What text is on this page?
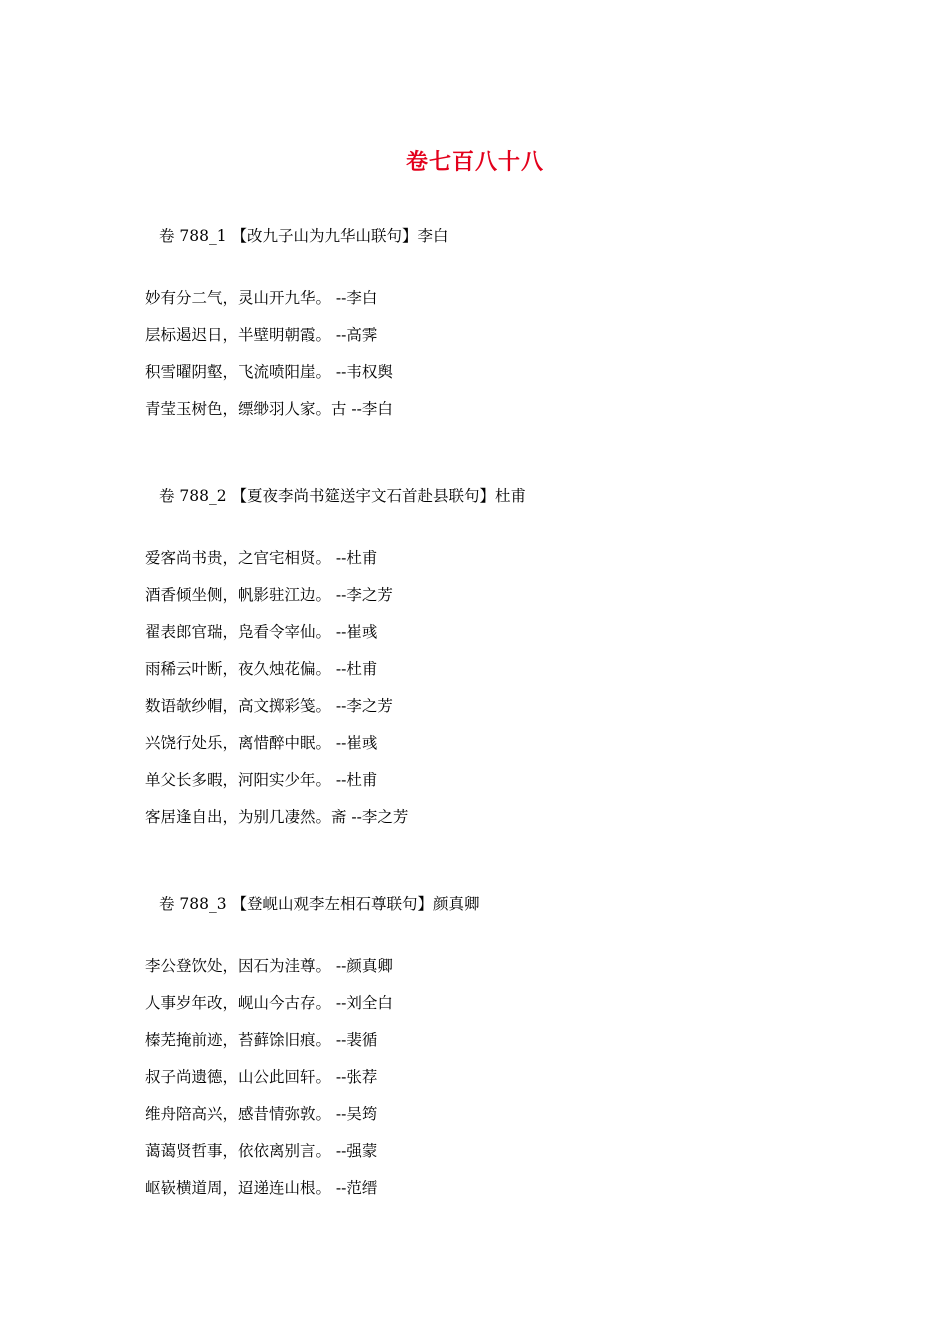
卷七百八十八
卷 788_1 【改九子山为九华山联句】李白
妙有分二气，灵山开九华。 --李白
层标遏迟日，半壁明朝霞。 --高霁
积雪曜阴壑，飞流喷阳崖。 --韦权舆
青莹玉树色，缥缈羽人家。古 --李白
卷 788_2 【夏夜李尚书筵送宇文石首赴县联句】杜甫
爱客尚书贵，之官宅相贤。 --杜甫
酒香倾坐侧，帆影驻江边。 --李之芳
翟表郎官瑞，凫看令宰仙。 --崔彧
雨稀云叶断，夜久烛花偏。 --杜甫
数语欹纱帽，高文掷彩笺。 --李之芳
兴饶行处乐，离惜醉中眠。 --崔彧
单父长多暇，河阳实少年。 --杜甫
客居逢自出，为别几凄然。斋 --李之芳
卷 788_3 【登岘山观李左相石尊联句】颜真卿
李公登饮处，因石为洼尊。 --颜真卿
人事岁年改，岘山今古存。 --刘全白
榛芜掩前迹，苔藓馀旧痕。 --裴循
叔子尚遗德，山公此回轩。 --张荐
维舟陪高兴，感昔情弥敦。 --吴筠
蔼蔼贤哲事，依依离别言。 --强蒙
岖嵚横道周，迢递连山根。 --范缙
